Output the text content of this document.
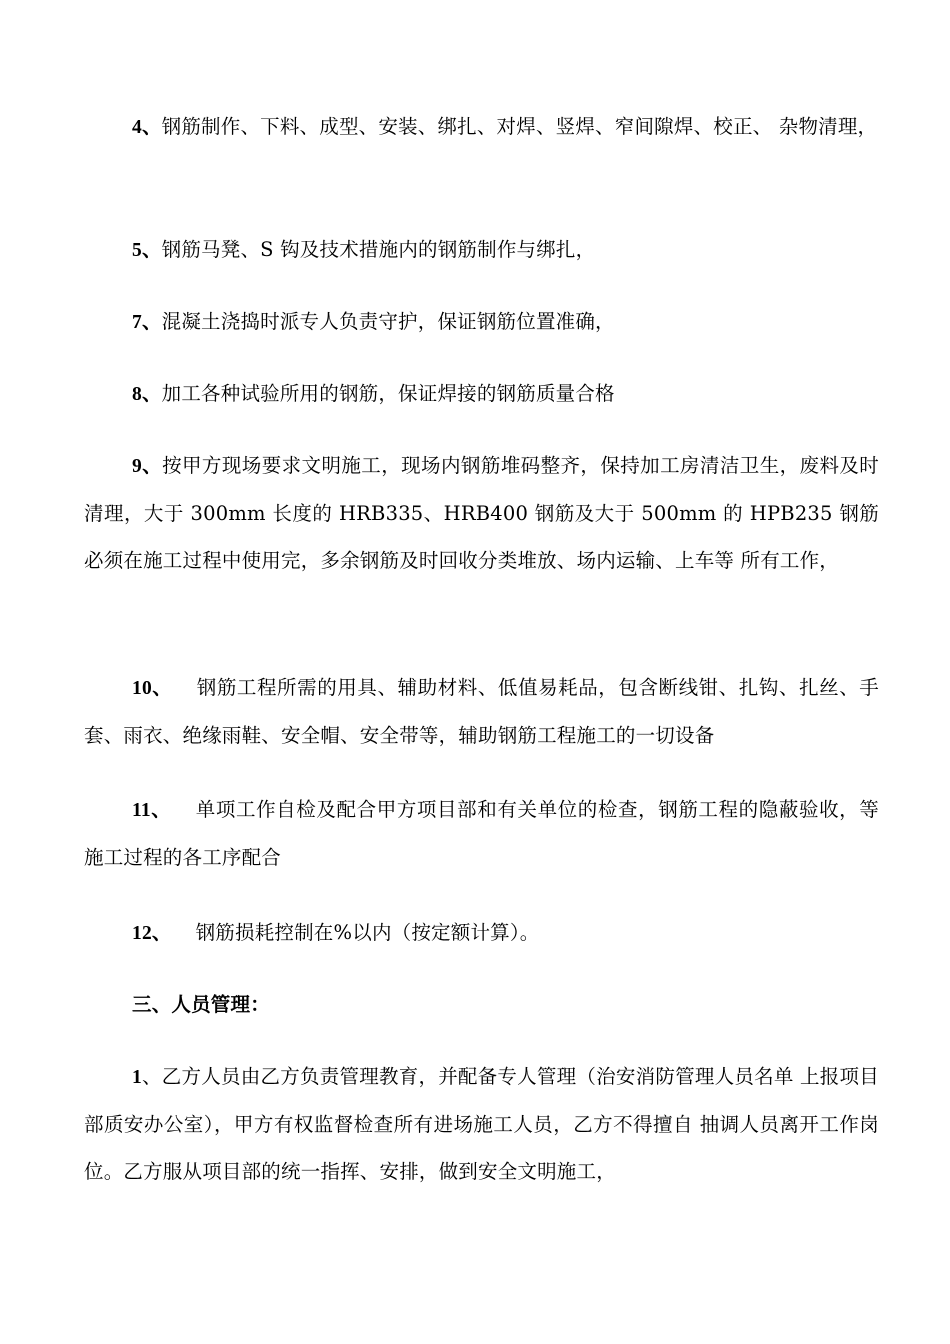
4、钢筋制作、下料、成型、安装、绑扎、对焊、竖焊、窄间隙焊、校正、 杂物清理，

5、钢筋马凳、S 钩及技术措施内的钢筋制作与绑扎，

7、混凝土浇捣时派专人负责守护，保证钢筋位置准确，

8、加工各种试验所用的钢筋，保证焊接的钢筋质量合格

9、按甲方现场要求文明施工，现场内钢筋堆码整齐，保持加工房清洁卫生，废料及时清理，大于 300mm 长度的 HRB335、HRB400 钢筋及大于 500mm 的 HPB235 钢筋必须在施工过程中使用完，多余钢筋及时回收分类堆放、场内运输、上车等 所有工作，

10、 钢筋工程所需的用具、辅助材料、低值易耗品，包含断线钳、扎钩、扎丝、手套、雨衣、绝缘雨鞋、安全帽、安全带等，辅助钢筋工程施工的一切设备

11、 单项工作自检及配合甲方项目部和有关单位的检查，钢筋工程的隐蔽验收，等施工过程的各工序配合

12、 钢筋损耗控制在%以内（按定额计算）。

三、人员管理：

1、乙方人员由乙方负责管理教育，并配备专人管理（治安消防管理人员名单 上报项目部质安办公室），甲方有权监督检查所有进场施工人员，乙方不得擅自 抽调人员离开工作岗位。乙方服从项目部的统一指挥、安排，做到安全文明施工，
